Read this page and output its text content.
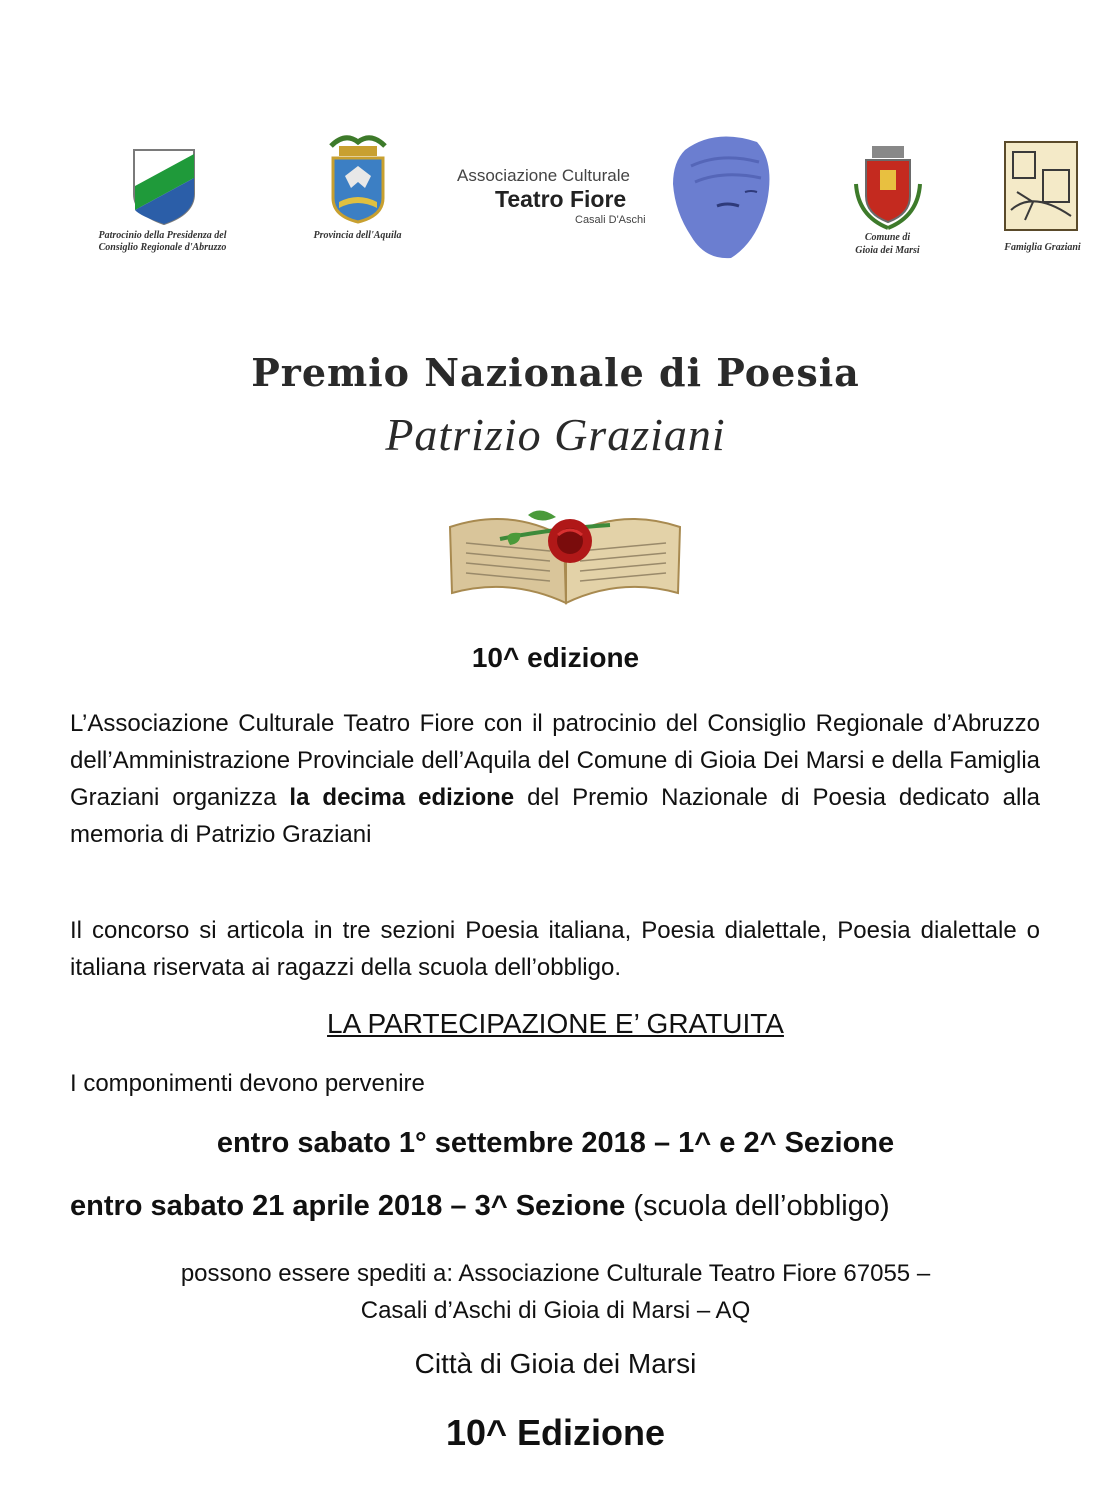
Patrocinio della Presidenza del Consiglio Regionale d'Abruzzo
Provincia dell'Aquila
Associazione Culturale
Teatro Fiore
Casali D'Aschi
Comune di
Gioia dei Marsi	Famiglia Graziani
Premio Nazionale di Poesia
Patrizio Graziani
10^ edizione
L’Associazione Culturale Teatro Fiore con il patrocinio del Consiglio Regionale d’Abruzzo dell’Amministrazione Provinciale dell’Aquila del Comune di Gioia Dei Marsi e della Famiglia Graziani organizza la decima edizione del Premio Nazionale di Poesia dedicato alla memoria di Patrizio Graziani
Il concorso si articola in tre sezioni Poesia italiana, Poesia dialettale, Poesia dialettale o italiana riservata ai ragazzi della scuola dell’obbligo.
LA PARTECIPAZIONE E’ GRATUITA
I componimenti devono pervenire
entro sabato 1° settembre 2018 – 1^ e 2^ Sezione
entro sabato 21 aprile 2018 – 3^ Sezione (scuola dell’obbligo)
possono essere spediti a: Associazione Culturale Teatro Fiore 67055 –
Casali d’Aschi di Gioia di Marsi – AQ
Città di Gioia dei Marsi
10^ Edizione
